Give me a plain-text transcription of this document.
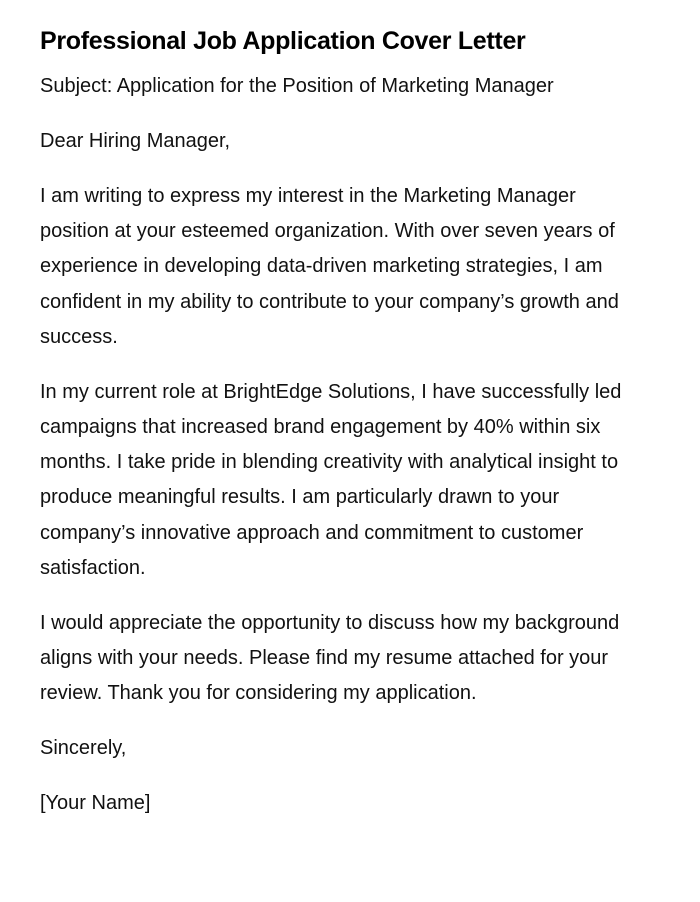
Professional Job Application Cover Letter

Subject: Application for the Position of Marketing Manager

Dear Hiring Manager,

I am writing to express my interest in the Marketing Manager position at your esteemed organization. With over seven years of experience in developing data-driven marketing strategies, I am confident in my ability to contribute to your company’s growth and success.

In my current role at BrightEdge Solutions, I have successfully led campaigns that increased brand engagement by 40% within six months. I take pride in blending creativity with analytical insight to produce meaningful results. I am particularly drawn to your company’s innovative approach and commitment to customer satisfaction.

I would appreciate the opportunity to discuss how my background aligns with your needs. Please find my resume attached for your review. Thank you for considering my application.

Sincerely,

[Your Name]
